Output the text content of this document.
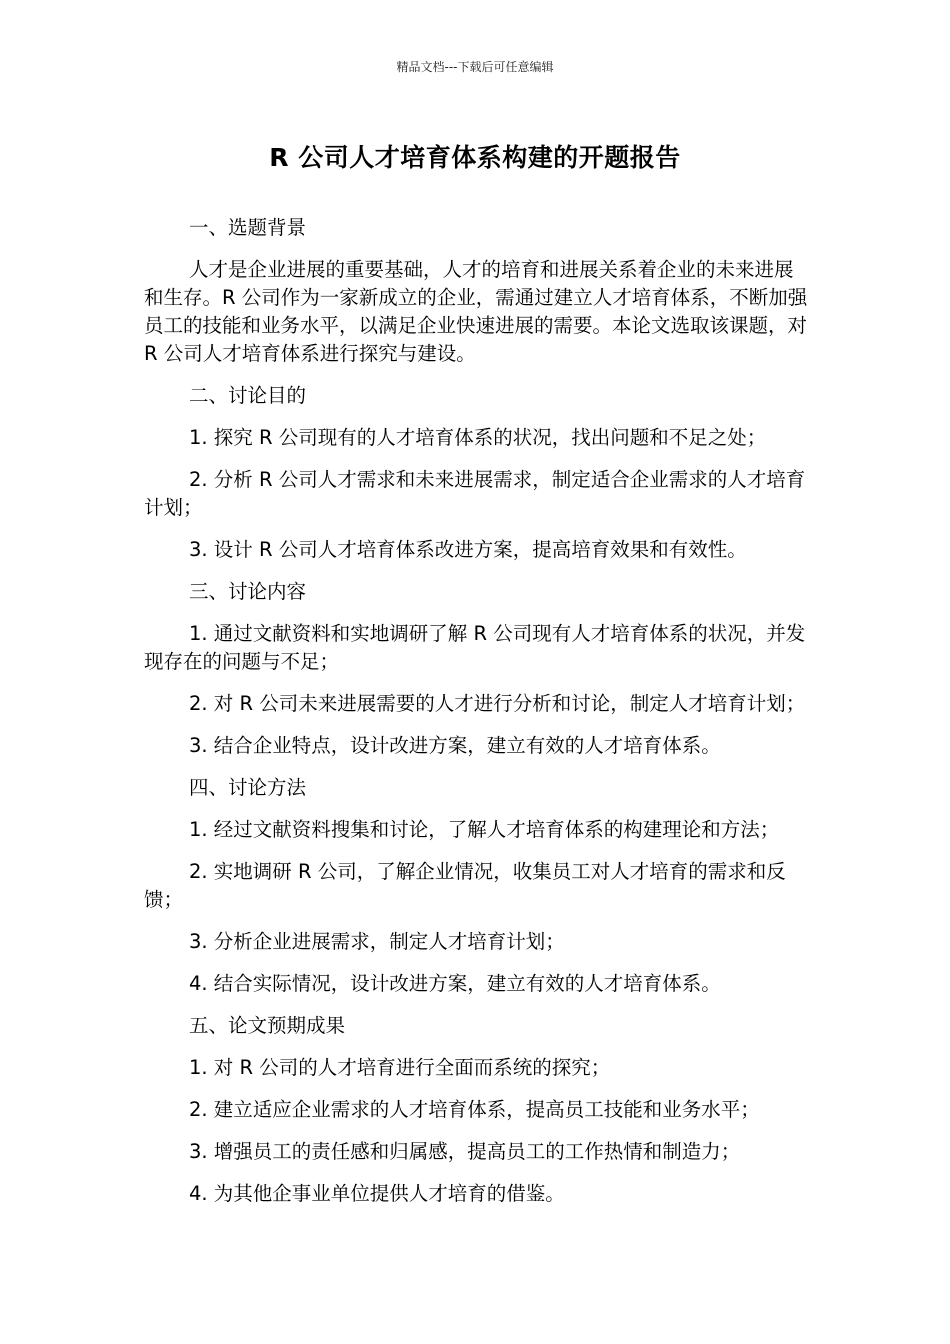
精品文档---下载后可任意编辑
R 公司人才培育体系构建的开题报告

一、选题背景

人才是企业进展的重要基础，人才的培育和进展关系着企业的未来进展和生存。R 公司作为一家新成立的企业，需通过建立人才培育体系，不断加强员工的技能和业务水平，以满足企业快速进展的需要。本论文选取该课题，对 R 公司人才培育体系进行探究与建设。

二、讨论目的

1. 探究 R 公司现有的人才培育体系的状况，找出问题和不足之处；

2. 分析 R 公司人才需求和未来进展需求，制定适合企业需求的人才培育计划；

3. 设计 R 公司人才培育体系改进方案，提高培育效果和有效性。

三、讨论内容

1. 通过文献资料和实地调研了解 R 公司现有人才培育体系的状况，并发现存在的问题与不足；

2. 对 R 公司未来进展需要的人才进行分析和讨论，制定人才培育计划；

3. 结合企业特点，设计改进方案，建立有效的人才培育体系。

四、讨论方法

1. 经过文献资料搜集和讨论，了解人才培育体系的构建理论和方法；

2. 实地调研 R 公司，了解企业情况，收集员工对人才培育的需求和反馈；

3. 分析企业进展需求，制定人才培育计划；

4. 结合实际情况，设计改进方案，建立有效的人才培育体系。

五、论文预期成果

1. 对 R 公司的人才培育进行全面而系统的探究；

2. 建立适应企业需求的人才培育体系，提高员工技能和业务水平；

3. 增强员工的责任感和归属感，提高员工的工作热情和制造力；

4. 为其他企事业单位提供人才培育的借鉴。
